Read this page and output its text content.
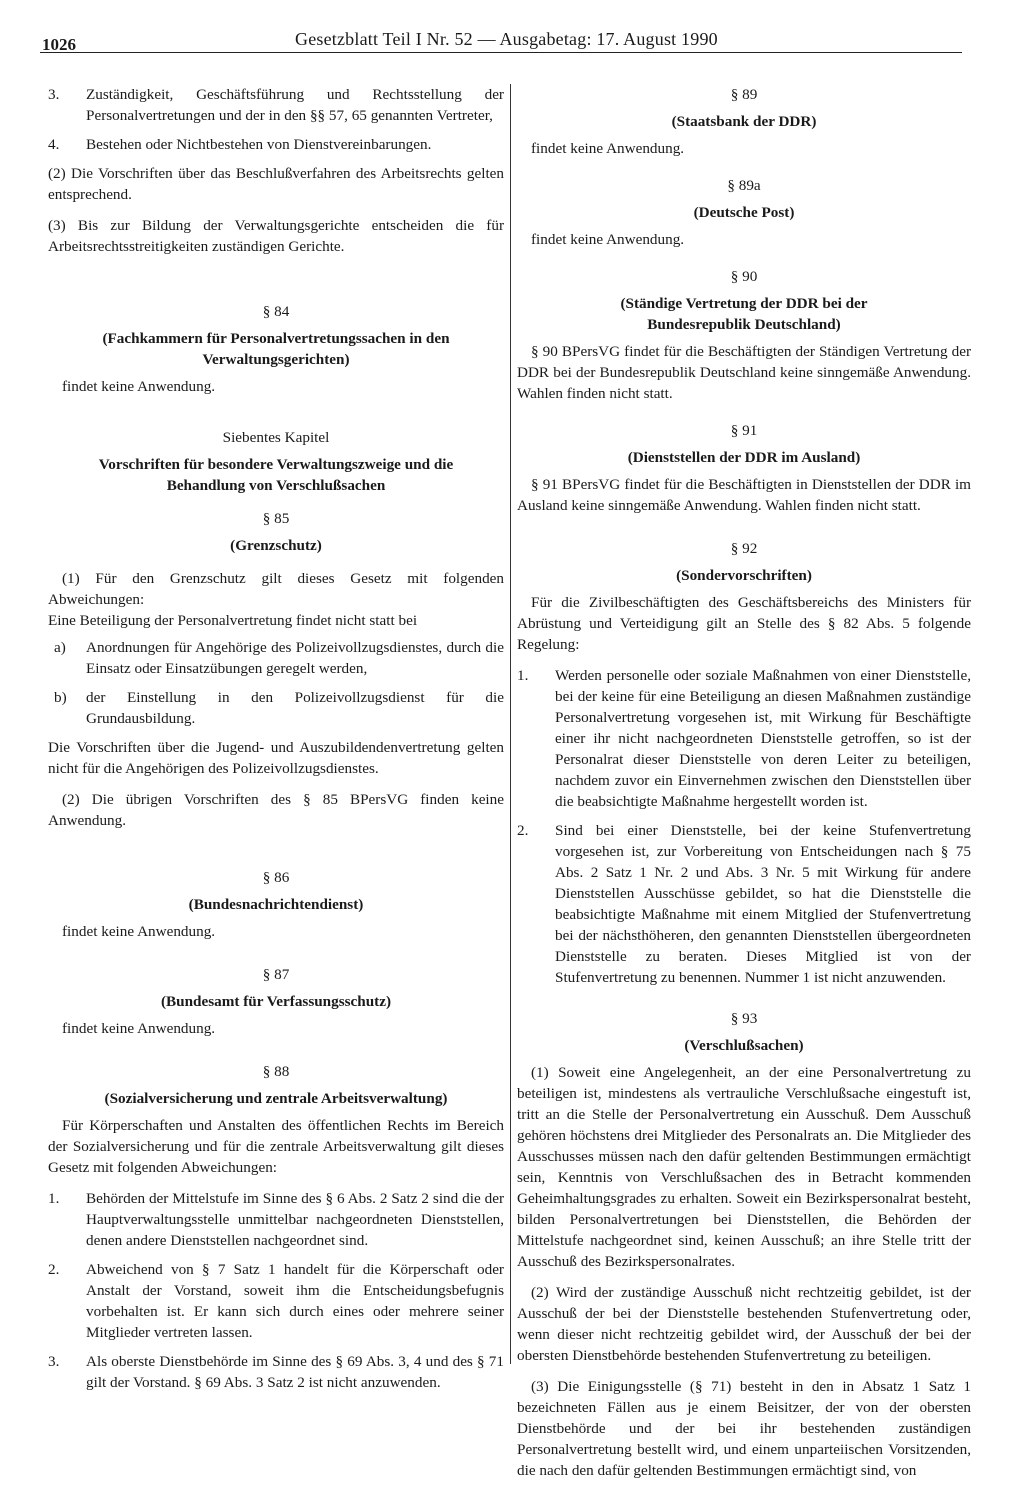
1026	Gesetzblatt Teil I Nr. 52 — Ausgabetag: 17. August 1990
3.	Zuständigkeit, Geschäftsführung und Rechtsstellung der Personalvertretungen und der in den §§ 57, 65 genannten Vertreter,
4.	Bestehen oder Nichtbestehen von Dienstvereinbarungen.

(2) Die Vorschriften über das Beschlußverfahren des Arbeitsrechts gelten entsprechend.

(3) Bis zur Bildung der Verwaltungsgerichte entscheiden die für Arbeitsrechtsstreitigkeiten zuständigen Gerichte.

§ 84

(Fachkammern für Personalvertretungssachen in den Verwaltungsgerichten)

findet keine Anwendung.

Siebentes Kapitel

Vorschriften für besondere Verwaltungszweige und die Behandlung von Verschlußsachen

§ 85

(Grenzschutz)

(1) Für den Grenzschutz gilt dieses Gesetz mit folgenden Abweichungen:

Eine Beteiligung der Personalvertretung findet nicht statt bei

a)	Anordnungen für Angehörige des Polizeivollzugsdienstes, durch die Einsatz oder Einsatzübungen geregelt werden,
b)	der Einstellung in den Polizeivollzugsdienst für die Grundausbildung.

Die Vorschriften über die Jugend- und Auszubildendenvertretung gelten nicht für die Angehörigen des Polizeivollzugsdienstes.

(2) Die übrigen Vorschriften des § 85 BPersVG finden keine Anwendung.

§ 86

(Bundesnachrichtendienst)

findet keine Anwendung.

§ 87

(Bundesamt für Verfassungsschutz)

findet keine Anwendung.

§ 88

(Sozialversicherung und zentrale Arbeitsverwaltung)

Für Körperschaften und Anstalten des öffentlichen Rechts im Bereich der Sozialversicherung und für die zentrale Arbeitsverwaltung gilt dieses Gesetz mit folgenden Abweichungen:

1.	Behörden der Mittelstufe im Sinne des § 6 Abs. 2 Satz 2 sind die der Hauptverwaltungsstelle unmittelbar nachgeordneten Dienststellen, denen andere Dienststellen nachgeordnet sind.
2.	Abweichend von § 7 Satz 1 handelt für die Körperschaft oder Anstalt der Vorstand, soweit ihm die Entscheidungsbefugnis vorbehalten ist. Er kann sich durch eines oder mehrere seiner Mitglieder vertreten lassen.
3.	Als oberste Dienstbehörde im Sinne des § 69 Abs. 3, 4 und des § 71 gilt der Vorstand. § 69 Abs. 3 Satz 2 ist nicht anzuwenden.

§ 89

(Staatsbank der DDR)

findet keine Anwendung.

§ 89a

(Deutsche Post)

findet keine Anwendung.

§ 90

(Ständige Vertretung der DDR bei der Bundesrepublik Deutschland)

§ 90 BPersVG findet für die Beschäftigten der Ständigen Vertretung der DDR bei der Bundesrepublik Deutschland keine sinngemäße Anwendung. Wahlen finden nicht statt.

§ 91

(Dienststellen der DDR im Ausland)

§ 91 BPersVG findet für die Beschäftigten in Dienststellen der DDR im Ausland keine sinngemäße Anwendung. Wahlen finden nicht statt.

§ 92

(Sondervorschriften)

Für die Zivilbeschäftigten des Geschäftsbereichs des Ministers für Abrüstung und Verteidigung gilt an Stelle des § 82 Abs. 5 folgende Regelung:

1.	Werden personelle oder soziale Maßnahmen von einer Dienststelle, bei der keine für eine Beteiligung an diesen Maßnahmen zuständige Personalvertretung vorgesehen ist, mit Wirkung für Beschäftigte einer ihr nicht nachgeordneten Dienststelle getroffen, so ist der Personalrat dieser Dienststelle von deren Leiter zu beteiligen, nachdem zuvor ein Einvernehmen zwischen den Dienststellen über die beabsichtigte Maßnahme hergestellt worden ist.
2.	Sind bei einer Dienststelle, bei der keine Stufenvertretung vorgesehen ist, zur Vorbereitung von Entscheidungen nach § 75 Abs. 2 Satz 1 Nr. 2 und Abs. 3 Nr. 5 mit Wirkung für andere Dienststellen Ausschüsse gebildet, so hat die Dienststelle die beabsichtigte Maßnahme mit einem Mitglied der Stufenvertretung bei der nächsthöheren, den genannten Dienststellen übergeordneten Dienststelle zu beraten. Dieses Mitglied ist von der Stufenvertretung zu benennen. Nummer 1 ist nicht anzuwenden.

§ 93

(Verschlußsachen)

(1) Soweit eine Angelegenheit, an der eine Personalvertretung zu beteiligen ist, mindestens als vertrauliche Verschlußsache eingestuft ist, tritt an die Stelle der Personalvertretung ein Ausschuß. Dem Ausschuß gehören höchstens drei Mitglieder des Personalrats an. Die Mitglieder des Ausschusses müssen nach den dafür geltenden Bestimmungen ermächtigt sein, Kenntnis von Verschlußsachen des in Betracht kommenden Geheimhaltungsgrades zu erhalten. Soweit ein Bezirkspersonalrat besteht, bilden Personalvertretungen bei Dienststellen, die Behörden der Mittelstufe nachgeordnet sind, keinen Ausschuß; an ihre Stelle tritt der Ausschuß des Bezirkspersonalrates.

(2) Wird der zuständige Ausschuß nicht rechtzeitig gebildet, ist der Ausschuß der bei der Dienststelle bestehenden Stufenvertretung oder, wenn dieser nicht rechtzeitig gebildet wird, der Ausschuß der bei der obersten Dienstbehörde bestehenden Stufenvertretung zu beteiligen.

(3) Die Einigungsstelle (§ 71) besteht in den in Absatz 1 Satz 1 bezeichneten Fällen aus je einem Beisitzer, der von der obersten Dienstbehörde und der bei ihr bestehenden zuständigen Personalvertretung bestellt wird, und einem unparteiischen Vorsitzenden, die nach den dafür geltenden Bestimmungen ermächtigt sind, von
